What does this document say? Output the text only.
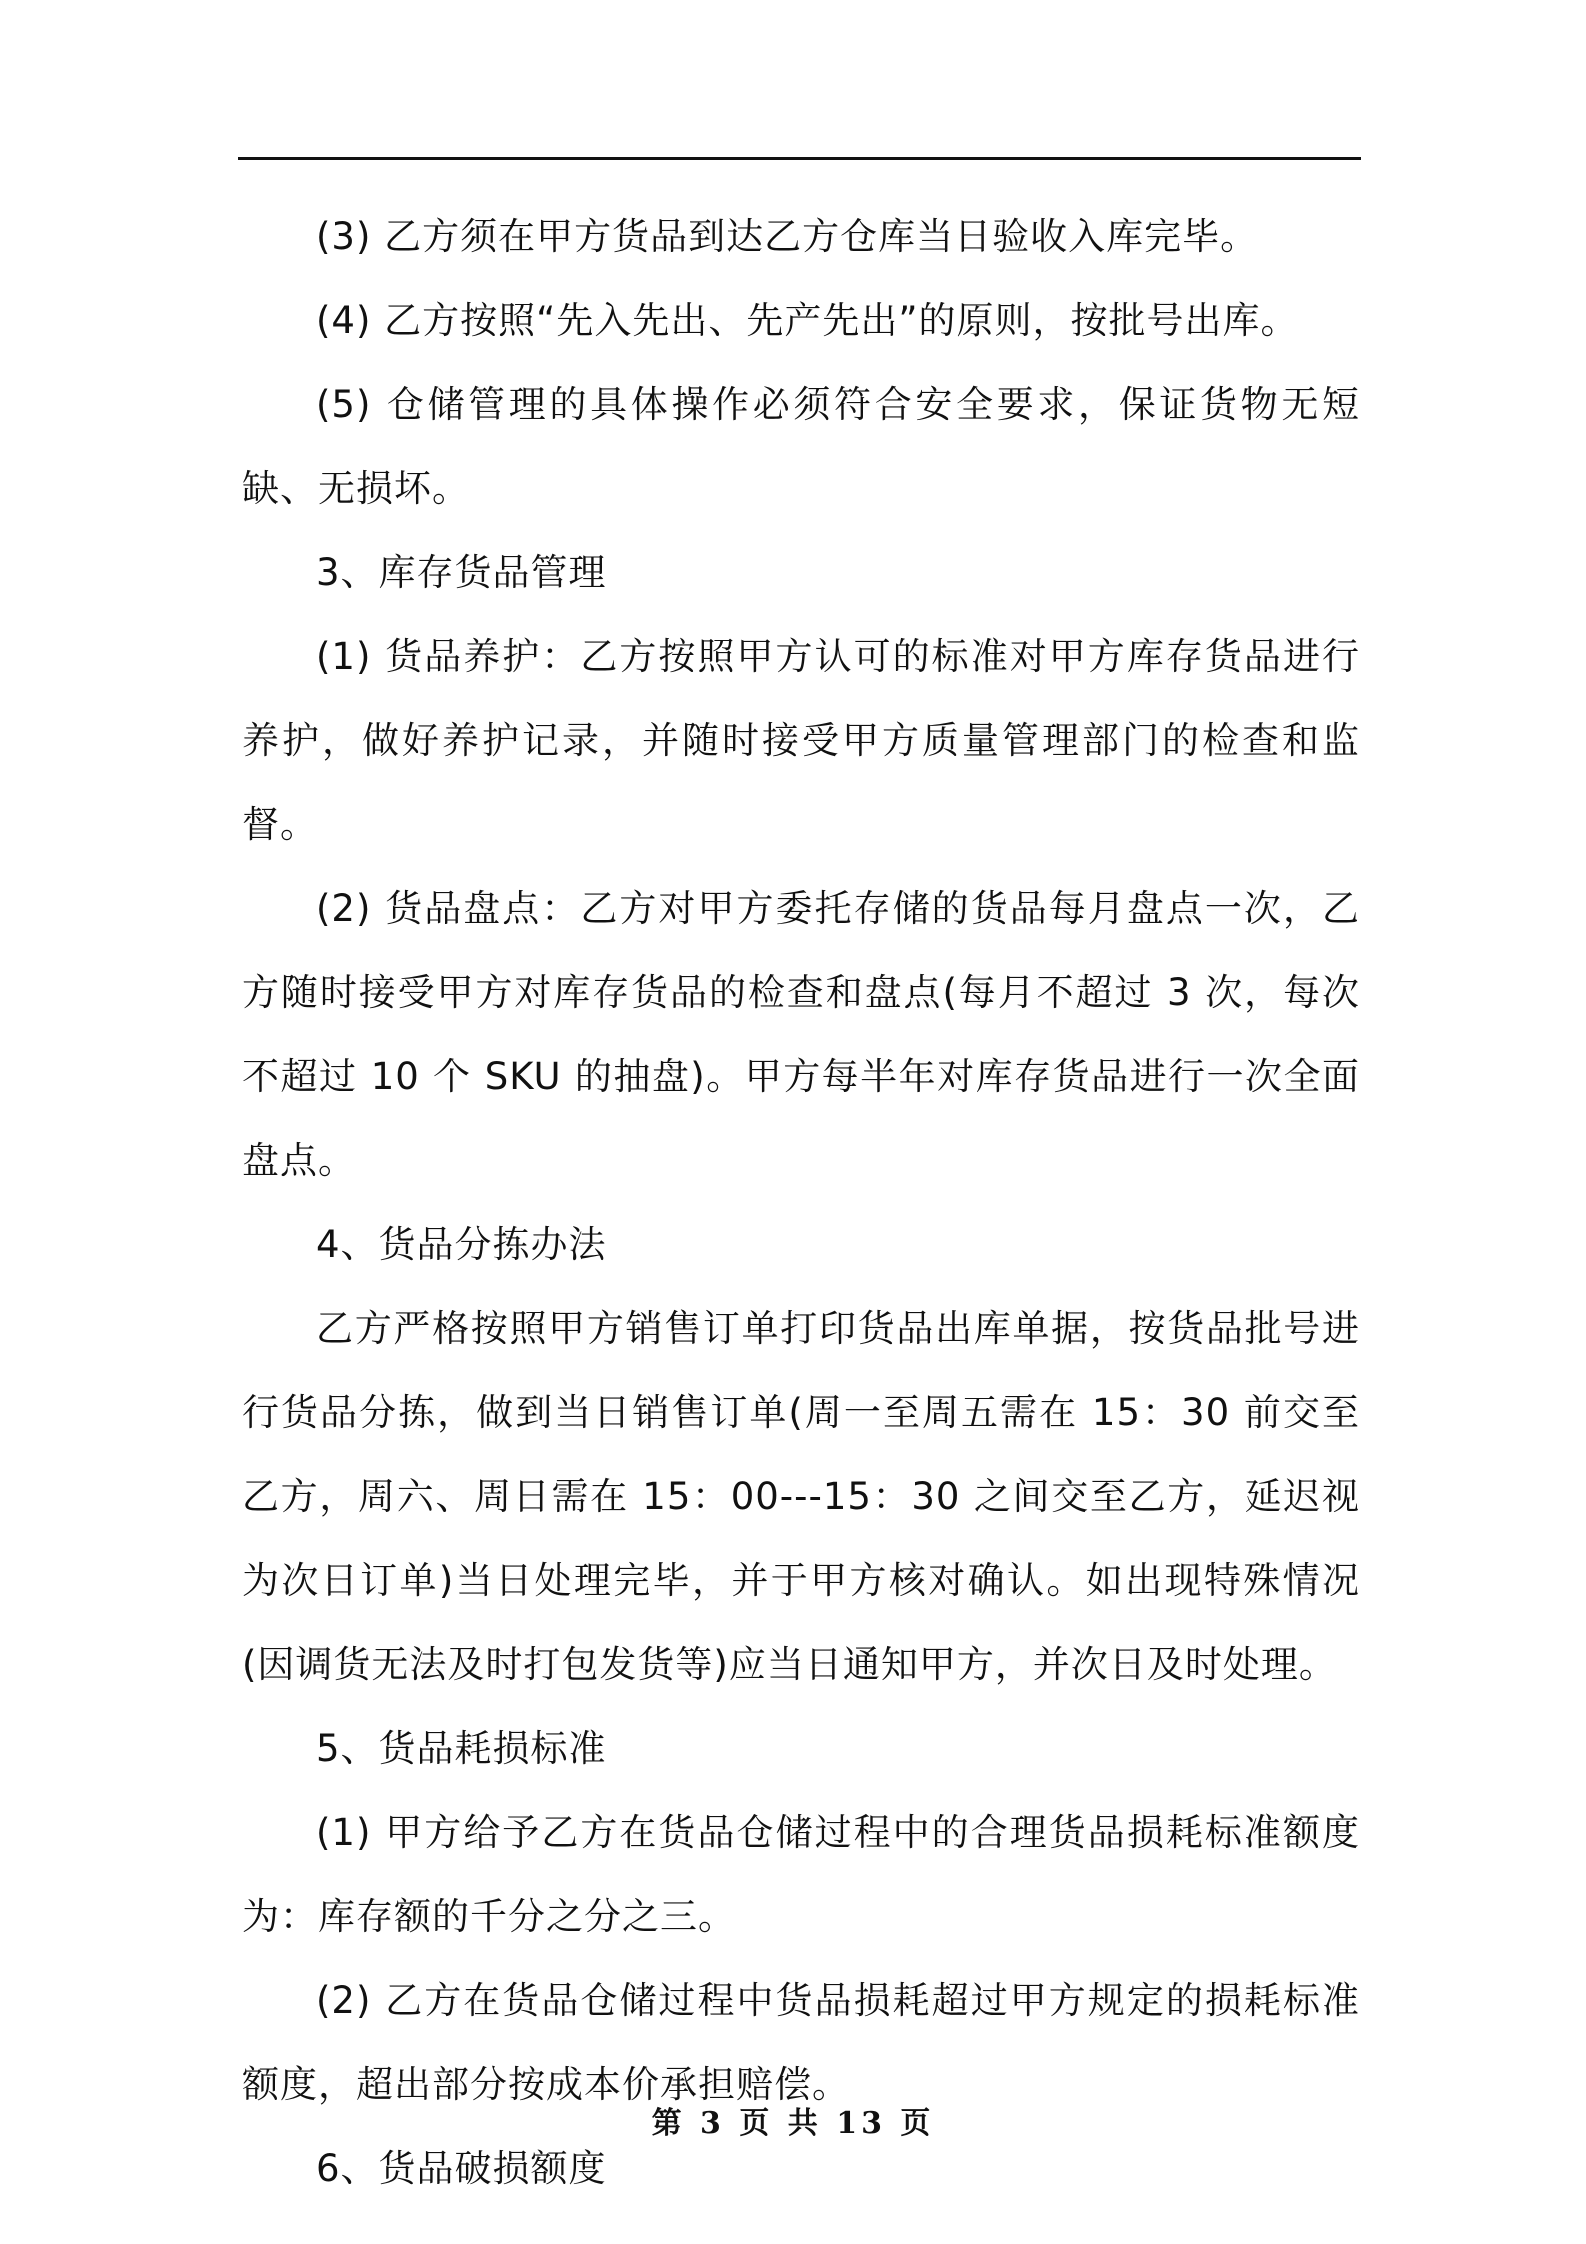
(3) 乙方须在甲方货品到达乙方仓库当日验收入库完毕。

(4) 乙方按照“先入先出、先产先出”的原则，按批号出库。

(5) 仓储管理的具体操作必须符合安全要求，保证货物无短缺、无损坏。

3、库存货品管理

(1) 货品养护：乙方按照甲方认可的标准对甲方库存货品进行养护，做好养护记录，并随时接受甲方质量管理部门的检查和监督。

(2) 货品盘点：乙方对甲方委托存储的货品每月盘点一次，乙方随时接受甲方对库存货品的检查和盘点(每月不超过 3 次，每次不超过 10 个 SKU 的抽盘)。甲方每半年对库存货品进行一次全面盘点。

4、货品分拣办法

乙方严格按照甲方销售订单打印货品出库单据，按货品批号进行货品分拣，做到当日销售订单(周一至周五需在 15：30 前交至乙方，周六、周日需在 15：00---15：30 之间交至乙方，延迟视为次日订单)当日处理完毕，并于甲方核对确认。如出现特殊情况(因调货无法及时打包发货等)应当日通知甲方，并次日及时处理。

5、货品耗损标准

(1) 甲方给予乙方在货品仓储过程中的合理货品损耗标准额度为：库存额的千分之分之三。

(2) 乙方在货品仓储过程中货品损耗超过甲方规定的损耗标准额度，超出部分按成本价承担赔偿。

6、货品破损额度

第 3 页 共 13 页
